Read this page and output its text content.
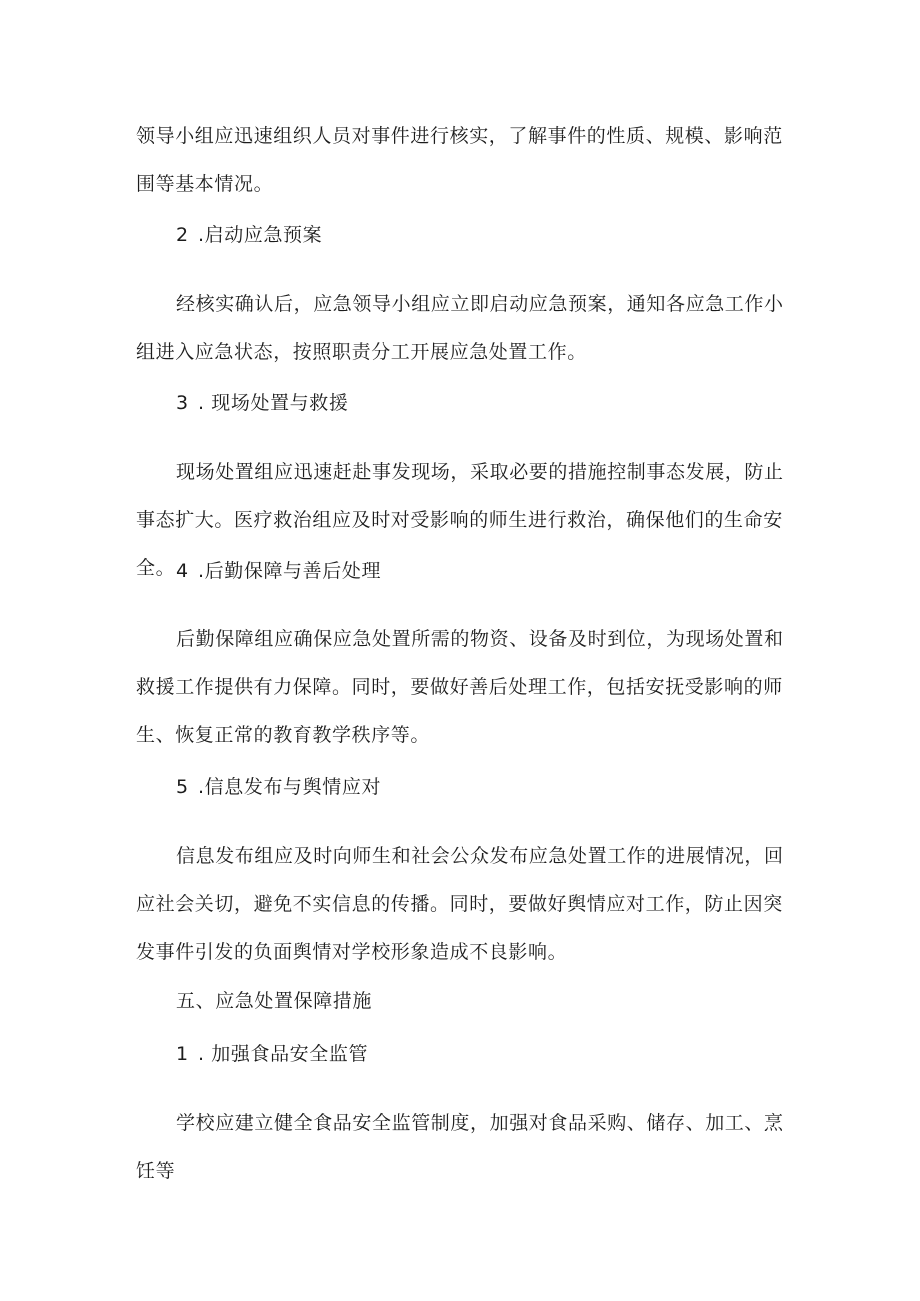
领导小组应迅速组织人员对事件进行核实，了解事件的性质、规模、影响范围等基本情况。

2 .启动应急预案

经核实确认后，应急领导小组应立即启动应急预案，通知各应急工作小组进入应急状态，按照职责分工开展应急处置工作。

3 . 现场处置与救援

现场处置组应迅速赶赴事发现场，采取必要的措施控制事态发展，防止事态扩大。医疗救治组应及时对受影响的师生进行救治，确保他们的生命安全。 4 .后勤保障与善后处理

后勤保障组应确保应急处置所需的物资、设备及时到位，为现场处置和救援工作提供有力保障。同时，要做好善后处理工作，包括安抚受影响的师生、恢复正常的教育教学秩序等。

5 .信息发布与舆情应对

信息发布组应及时向师生和社会公众发布应急处置工作的进展情况，回应社会关切，避免不实信息的传播。同时，要做好舆情应对工作，防止因突发事件引发的负面舆情对学校形象造成不良影响。

五、应急处置保障措施
1 . 加强食品安全监管

学校应建立健全食品安全监管制度，加强对食品采购、储存、加工、烹饪等
